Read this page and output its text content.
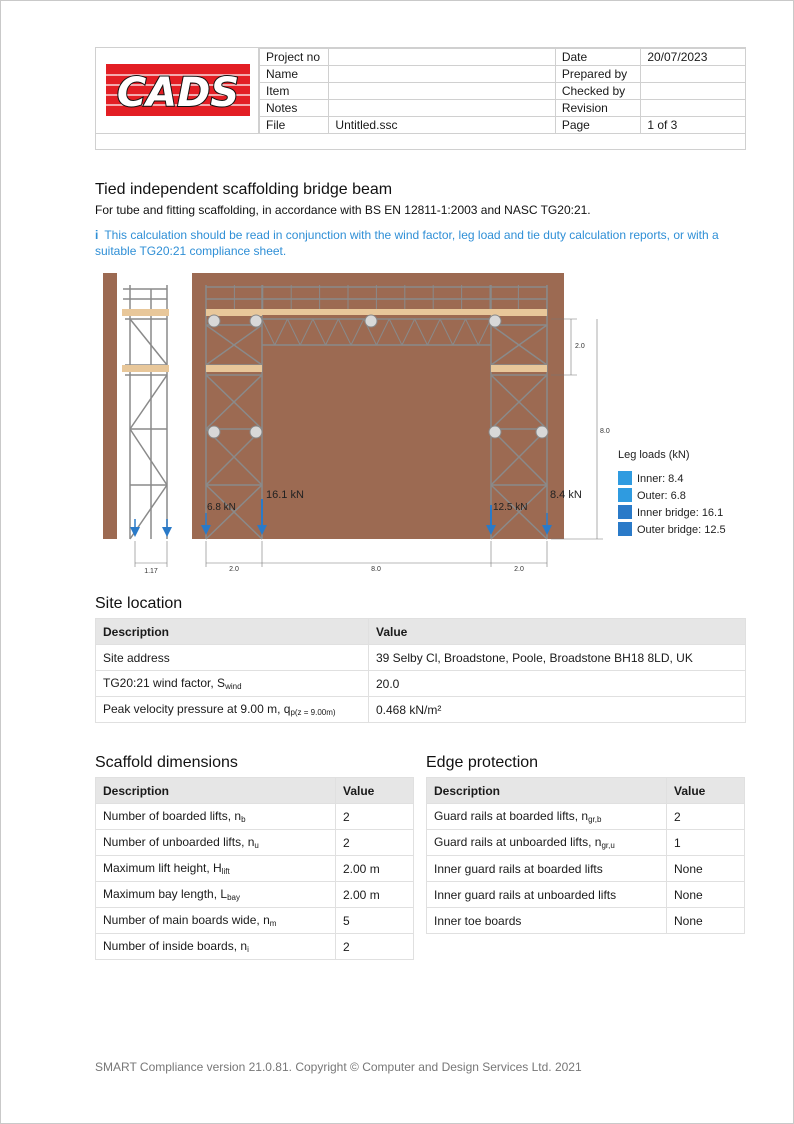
CADS
Project no		Date	20/07/2023
Name		Prepared by	
Item		Checked by	
Notes		Revision	
File	Untitled.ssc	Page	1 of 3
Tied independent scaffolding bridge beam
For tube and fitting scaffolding, in accordance with BS EN 12811-1:2003 and NASC TG20:21.
i This calculation should be read in conjunction with the wind factor, leg load and tie duty calculation reports, or with a suitable TG20:21 compliance sheet.
1.17
6.8 kN
16.1 kN
12.5 kN
8.4 kN
2.0	8.0	2.0
2.0
8.0
Leg loads (kN)
Inner: 8.4
Outer: 6.8
Inner bridge: 16.1
Outer bridge: 12.5
Site location
Description	Value
Site address	39 Selby Cl, Broadstone, Poole, Broadstone BH18 8LD, UK
TG20:21 wind factor, $S_{wind}$	20.0
Peak velocity pressure at 9.00 m, $q_{p(z = 9.00m)}$	0.468 kN/m²
Scaffold dimensions
Description	Value
Number of boarded lifts, $n_b$	2
Number of unboarded lifts, $n_u$	2
Maximum lift height, $H_{lift}$	2.00 m
Maximum bay length, $L_{bay}$	2.00 m
Number of main boards wide, $n_m$	5
Number of inside boards, $n_i$	2
Edge protection
Description	Value
Guard rails at boarded lifts, $n_{gr,b}$	2
Guard rails at unboarded lifts, $n_{gr,u}$	1
Inner guard rails at boarded lifts	None
Inner guard rails at unboarded lifts	None
Inner toe boards	None
SMART Compliance version 21.0.81. Copyright © Computer and Design Services Ltd. 2021
